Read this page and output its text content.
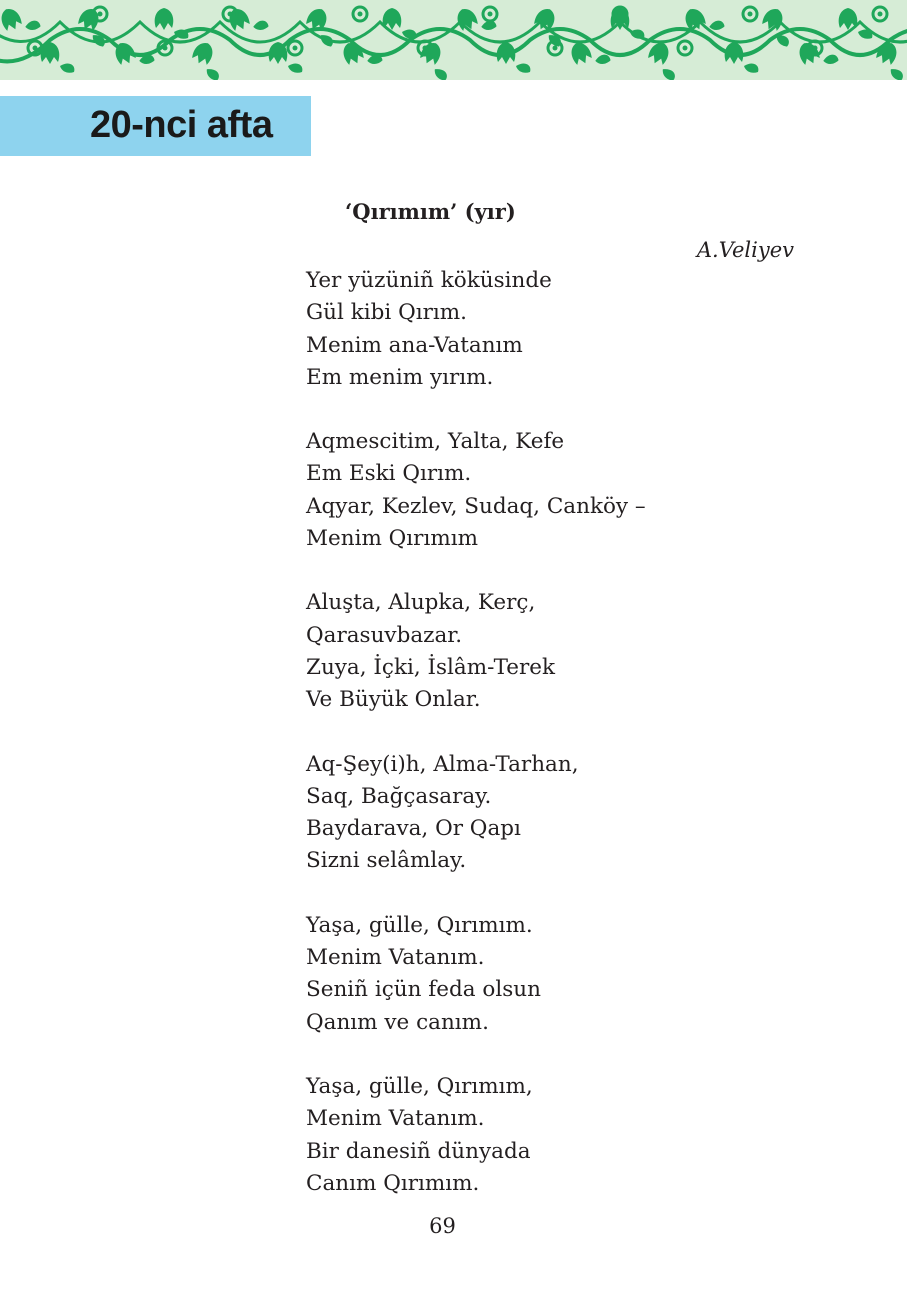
20-nci afta
‘Qırımım’ (yır)
A.Veliyev
Yer yüzüniñ köküsinde
Gül kibi Qırım.
Menim ana-Vatanım
Em menim yırım.
Aqmescitim, Yalta, Kefe
Em Eski Qırım.
Aqyar, Kezlev, Sudaq, Canköy –
Menim Qırımım
Aluşta, Alupka, Kerç,
Qarasuvbazar.
Zuya, İçki, İslâm-Terek
Ve Büyük Onlar.
Aq-Şey(i)h, Alma-Tarhan,
Saq, Bağçasaray.
Baydarava, Or Qapı
Sizni selâmlay.
Yaşa, gülle, Qırımım.
Menim Vatanım.
Seniñ içün feda olsun
Qanım ve canım.
Yaşa, gülle, Qırımım,
Menim Vatanım.
Bir danesiñ dünyada
Canım Qırımım.
69
